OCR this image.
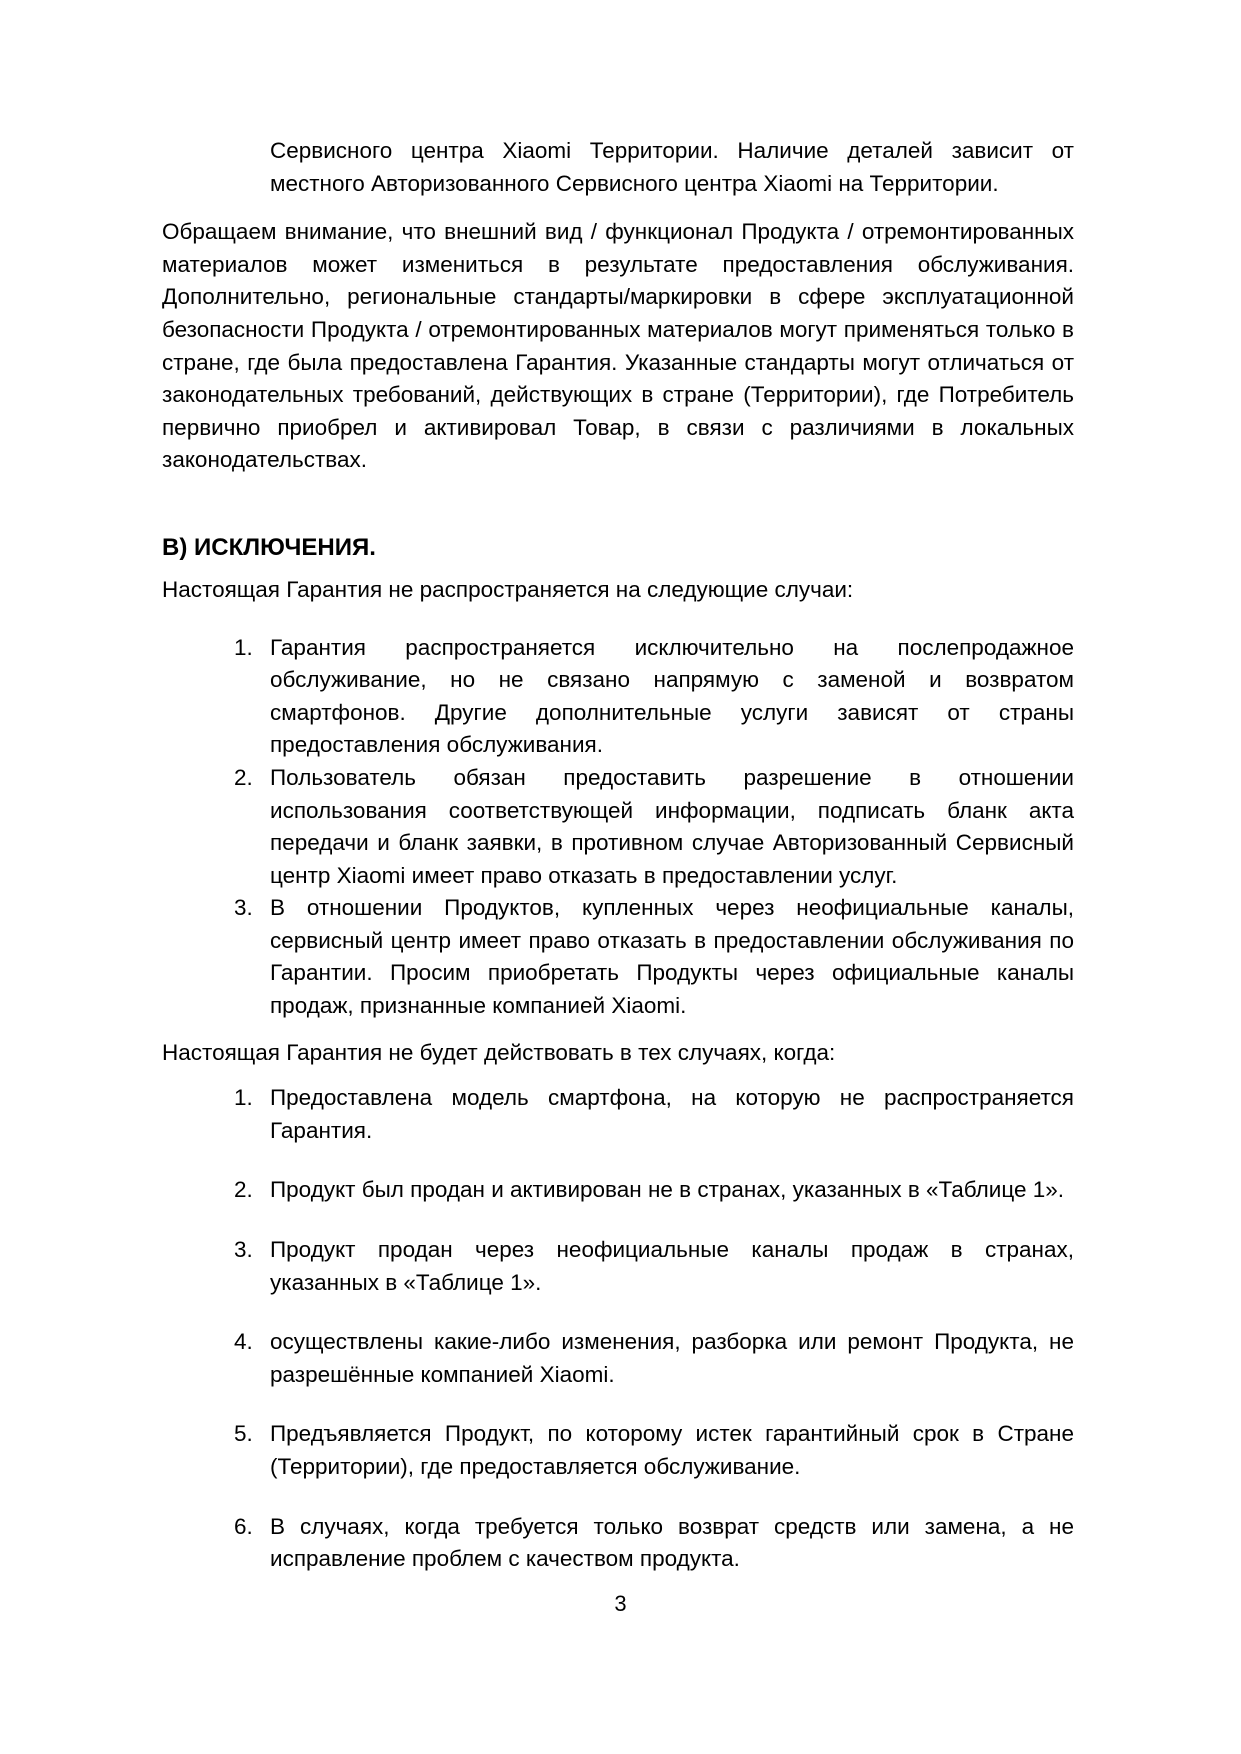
Сервисного центра Xiaomi Территории. Наличие деталей зависит от местного Авторизованного Сервисного центра Xiaomi на Территории.

Обращаем внимание, что внешний вид / функционал Продукта / отремонтированных материалов может измениться в результате предоставления обслуживания. Дополнительно, региональные стандарты/маркировки в сфере эксплуатационной безопасности Продукта / отремонтированных материалов могут применяться только в стране, где была предоставлена Гарантия. Указанные стандарты могут отличаться от законодательных требований, действующих в стране (Территории), где Потребитель первично приобрел и активировал Товар, в связи с различиями в локальных законодательствах.

В) ИСКЛЮЧЕНИЯ.

Настоящая Гарантия не распространяется на следующие случаи:

Гарантия распространяется исключительно на послепродажное обслуживание, но не связано напрямую с заменой и возвратом смартфонов. Другие дополнительные услуги зависят от страны предоставления обслуживания.
Пользователь обязан предоставить разрешение в отношении использования соответствующей информации, подписать бланк акта передачи и бланк заявки, в противном случае Авторизованный Сервисный центр Xiaomi имеет право отказать в предоставлении услуг.
В отношении Продуктов, купленных через неофициальные каналы, сервисный центр имеет право отказать в предоставлении обслуживания по Гарантии. Просим приобретать Продукты через официальные каналы продаж, признанные компанией Xiaomi.

Настоящая Гарантия не будет действовать в тех случаях, когда:

Предоставлена модель смартфона, на которую не распространяется Гарантия.
Продукт был продан и активирован не в странах, указанных в «Таблице 1».
Продукт продан через неофициальные каналы продаж в странах, указанных в «Таблице 1».
осуществлены какие-либо изменения, разборка или ремонт Продукта, не разрешённые компанией Xiaomi.
Предъявляется Продукт, по которому истек гарантийный срок в Стране (Территории), где предоставляется обслуживание.
В случаях, когда требуется только возврат средств или замена, а не исправление проблем с качеством продукта.
3
